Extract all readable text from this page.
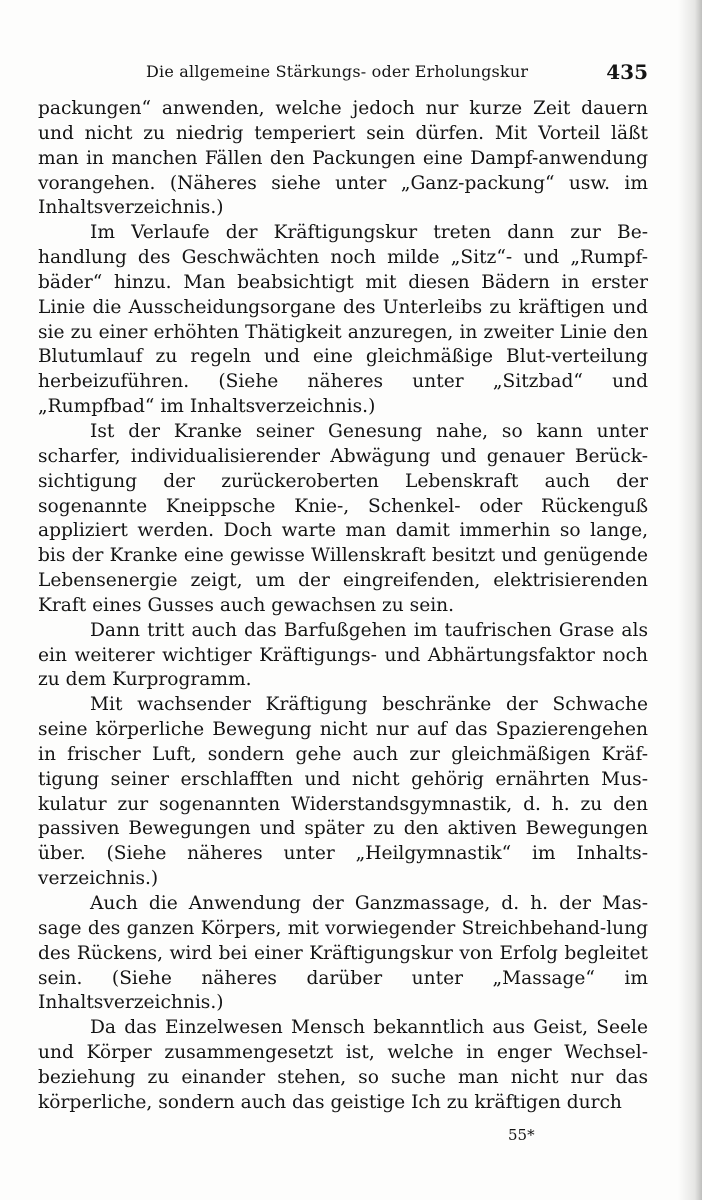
Die allgemeine Stärkungs- oder Erholungskur	435

packungen“ anwenden, welche jedoch nur kurze Zeit dauern und nicht zu niedrig temperiert sein dürfen. Mit Vorteil läßt man in manchen Fällen den Packungen eine Dampf-anwendung vorangehen. (Näheres siehe unter „Ganz-packung“ usw. im Inhaltsverzeichnis.)

Im Verlaufe der Kräftigungskur treten dann zur Be-handlung des Geschwächten noch milde „Sitz“- und „Rumpf-bäder“ hinzu. Man beabsichtigt mit diesen Bädern in erster Linie die Ausscheidungsorgane des Unterleibs zu kräftigen und sie zu einer erhöhten Thätigkeit anzuregen, in zweiter Linie den Blutumlauf zu regeln und eine gleichmäßige Blut-verteilung herbeizuführen. (Siehe näheres unter „Sitzbad“ und „Rumpfbad“ im Inhaltsverzeichnis.)

Ist der Kranke seiner Genesung nahe, so kann unter scharfer, individualisierender Abwägung und genauer Berück-sichtigung der zurückeroberten Lebenskraft auch der sogenannte Kneippsche Knie-, Schenkel- oder Rückenguß appliziert werden. Doch warte man damit immerhin so lange, bis der Kranke eine gewisse Willenskraft besitzt und genügende Lebensenergie zeigt, um der eingreifenden, elektrisierenden Kraft eines Gusses auch gewachsen zu sein.

Dann tritt auch das Barfußgehen im taufrischen Grase als ein weiterer wichtiger Kräftigungs- und Abhärtungsfaktor noch zu dem Kurprogramm.

Mit wachsender Kräftigung beschränke der Schwache seine körperliche Bewegung nicht nur auf das Spazierengehen in frischer Luft, sondern gehe auch zur gleichmäßigen Kräf-tigung seiner erschlafften und nicht gehörig ernährten Mus-kulatur zur sogenannten Widerstandsgymnastik, d. h. zu den passiven Bewegungen und später zu den aktiven Bewegungen über. (Siehe näheres unter „Heilgymnastik“ im Inhalts-verzeichnis.)

Auch die Anwendung der Ganzmassage, d. h. der Mas-sage des ganzen Körpers, mit vorwiegender Streichbehand-lung des Rückens, wird bei einer Kräftigungskur von Erfolg begleitet sein. (Siehe näheres darüber unter „Massage“ im Inhaltsverzeichnis.)

Da das Einzelwesen Mensch bekanntlich aus Geist, Seele und Körper zusammengesetzt ist, welche in enger Wechsel-beziehung zu einander stehen, so suche man nicht nur das körperliche, sondern auch das geistige Ich zu kräftigen durch

55*
